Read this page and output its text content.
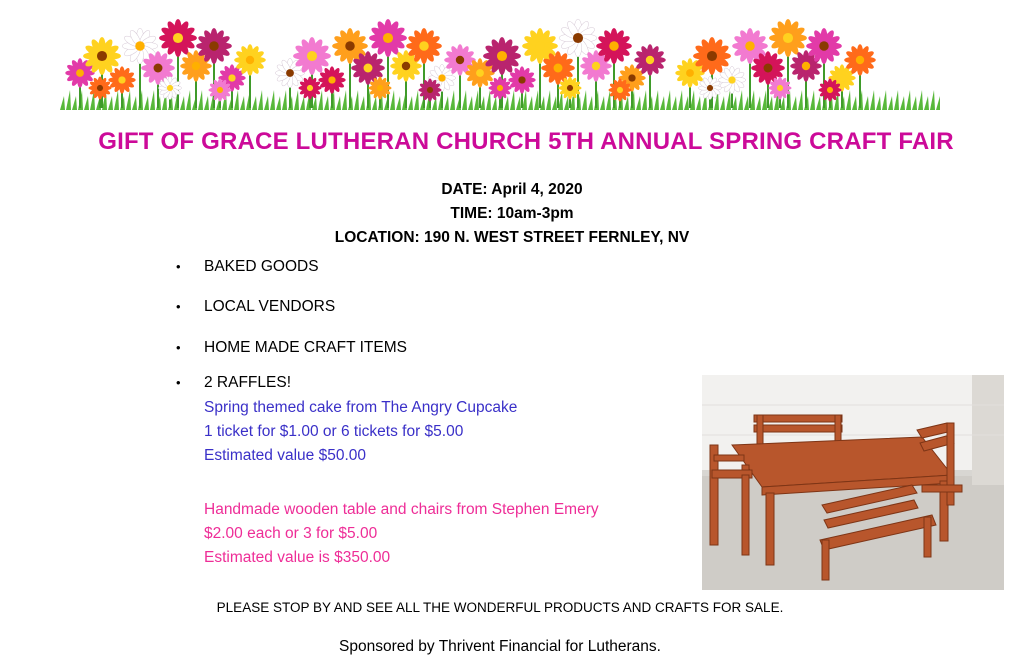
GIFT OF GRACE LUTHERAN CHURCH 5TH ANNUAL SPRING CRAFT FAIR
DATE: April 4, 2020
TIME: 10am-3pm
LOCATION: 190 N. WEST STREET FERNLEY, NV
• BAKED GOODS
• LOCAL VENDORS
• HOME MADE CRAFT ITEMS
• 2 RAFFLES!
Spring themed cake from The Angry Cupcake
1 ticket for $1.00 or 6 tickets for $5.00
Estimated value $50.00
Handmade wooden table and chairs from Stephen Emery
$2.00 each or 3 for $5.00
Estimated value is $350.00
PLEASE STOP BY AND SEE ALL THE WONDERFUL PRODUCTS AND CRAFTS FOR SALE.
Sponsored by Thrivent Financial for Lutherans.
